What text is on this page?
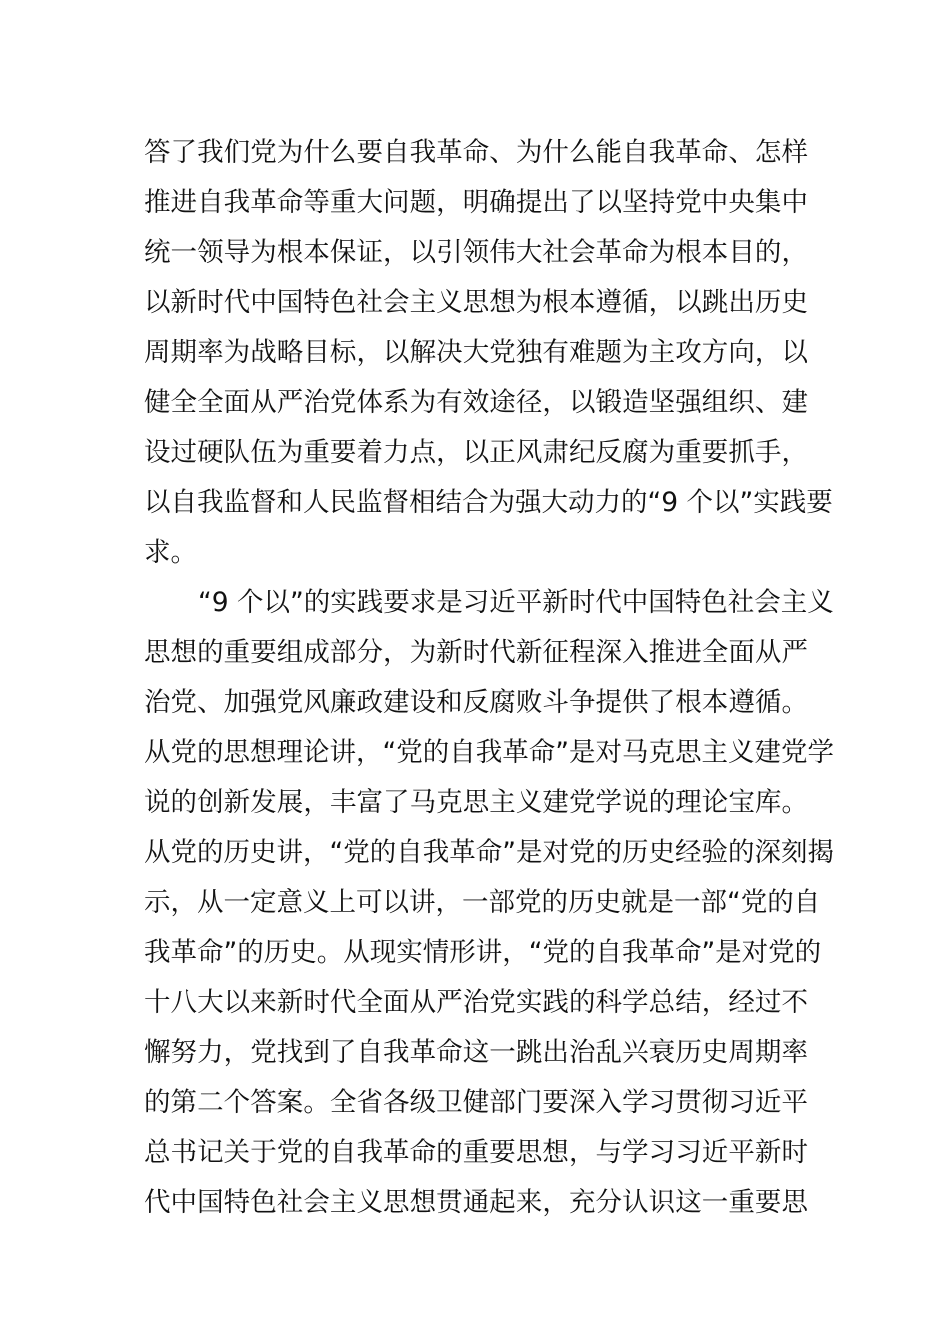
答了我们党为什么要自我革命、为什么能自我革命、怎样
推进自我革命等重大问题，明确提出了以坚持党中央集中
统一领导为根本保证，以引领伟大社会革命为根本目的，
以新时代中国特色社会主义思想为根本遵循，以跳出历史
周期率为战略目标，以解决大党独有难题为主攻方向，以
健全全面从严治党体系为有效途径，以锻造坚强组织、建
设过硬队伍为重要着力点，以正风肃纪反腐为重要抓手，
以自我监督和人民监督相结合为强大动力的“9 个以”实践要
求。
“9 个以”的实践要求是习近平新时代中国特色社会主义
思想的重要组成部分，为新时代新征程深入推进全面从严
治党、加强党风廉政建设和反腐败斗争提供了根本遵循。
从党的思想理论讲，“党的自我革命”是对马克思主义建党学
说的创新发展，丰富了马克思主义建党学说的理论宝库。
从党的历史讲，“党的自我革命”是对党的历史经验的深刻揭
示，从一定意义上可以讲，一部党的历史就是一部“党的自
我革命”的历史。从现实情形讲，“党的自我革命”是对党的
十八大以来新时代全面从严治党实践的科学总结，经过不
懈努力，党找到了自我革命这一跳出治乱兴衰历史周期率
的第二个答案。全省各级卫健部门要深入学习贯彻习近平
总书记关于党的自我革命的重要思想，与学习习近平新时
代中国特色社会主义思想贯通起来，充分认识这一重要思
